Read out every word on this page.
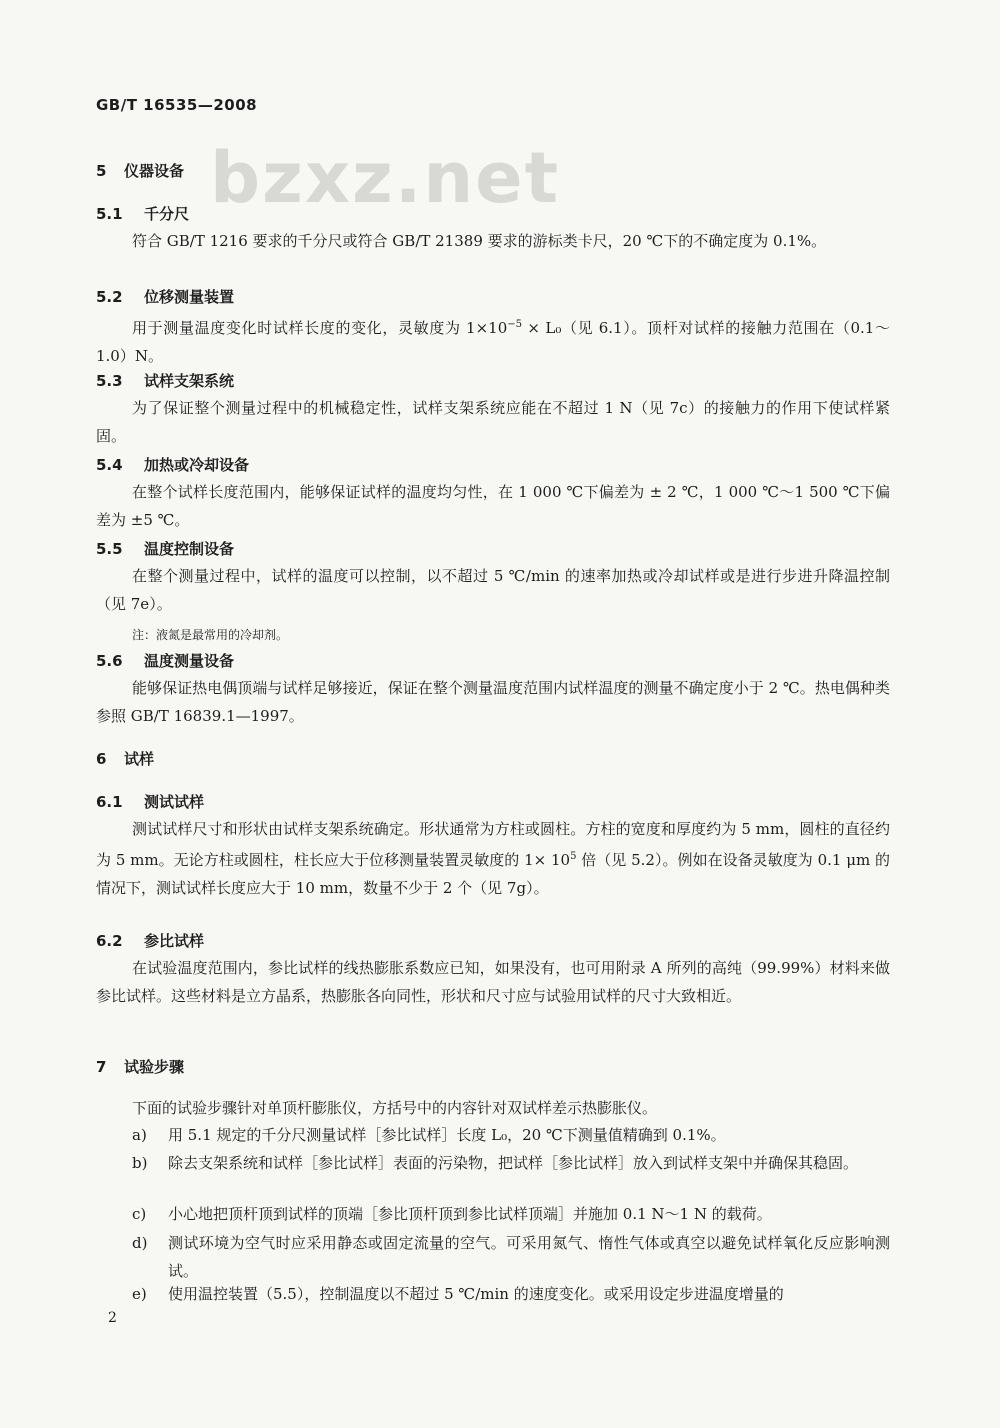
GB/T 16535—2008
bzxz.net
5 仪器设备
5.1 千分尺
符合 GB/T 1216 要求的千分尺或符合 GB/T 21389 要求的游标类卡尺，20 ℃下的不确定度为 0.1%。
5.2 位移测量装置
用于测量温度变化时试样长度的变化，灵敏度为 $1\times 10^{-5} \times L_0$（见 6.1）。顶杆对试样的接触力范围在（0.1～1.0）N。
5.3 试样支架系统
为了保证整个测量过程中的机械稳定性，试样支架系统应能在不超过 1 N（见 7c）的接触力的作用下使试样紧固。
5.4 加热或冷却设备
在整个试样长度范围内，能够保证试样的温度均匀性，在 1 000 ℃下偏差为 ± 2 ℃，1 000 ℃～1 500 ℃下偏差为 ±5 ℃。
5.5 温度控制设备
在整个测量过程中，试样的温度可以控制，以不超过 5 ℃/min 的速率加热或冷却试样或是进行步进升降温控制（见 7e）。
注：液氮是最常用的冷却剂。
5.6 温度测量设备
能够保证热电偶顶端与试样足够接近，保证在整个测量温度范围内试样温度的测量不确定度小于 2 ℃。热电偶种类参照 GB/T 16839.1—1997。
6 试样
6.1 测试试样
测试试样尺寸和形状由试样支架系统确定。形状通常为方柱或圆柱。方柱的宽度和厚度约为 5 mm，圆柱的直径约为 5 mm。无论方柱或圆柱，柱长应大于位移测量装置灵敏度的 $1\times 10^5$ 倍（见 5.2）。例如在设备灵敏度为 0.1 μm 的情况下，测试试样长度应大于 10 mm，数量不少于 2 个（见 7g）。
6.2 参比试样
在试验温度范围内，参比试样的线热膨胀系数应已知，如果没有，也可用附录 A 所列的高纯（99.99%）材料来做参比试样。这些材料是立方晶系，热膨胀各向同性，形状和尺寸应与试验用试样的尺寸大致相近。
7 试验步骤
下面的试验步骤针对单顶杆膨胀仪，方括号中的内容针对双试样差示热膨胀仪。
a)	用 5.1 规定的千分尺测量试样［参比试样］长度 L₀，20 ℃下测量值精确到 0.1%。
b)	除去支架系统和试样［参比试样］表面的污染物，把试样［参比试样］放入到试样支架中并确保其稳固。
c)	小心地把顶杆顶到试样的顶端［参比顶杆顶到参比试样顶端］并施加 0.1 N～1 N 的载荷。
d)	测试环境为空气时应采用静态或固定流量的空气。可采用氮气、惰性气体或真空以避免试样氧化反应影响测试。
e)	使用温控装置（5.5），控制温度以不超过 5 ℃/min 的速度变化。或采用设定步进温度增量的
2
